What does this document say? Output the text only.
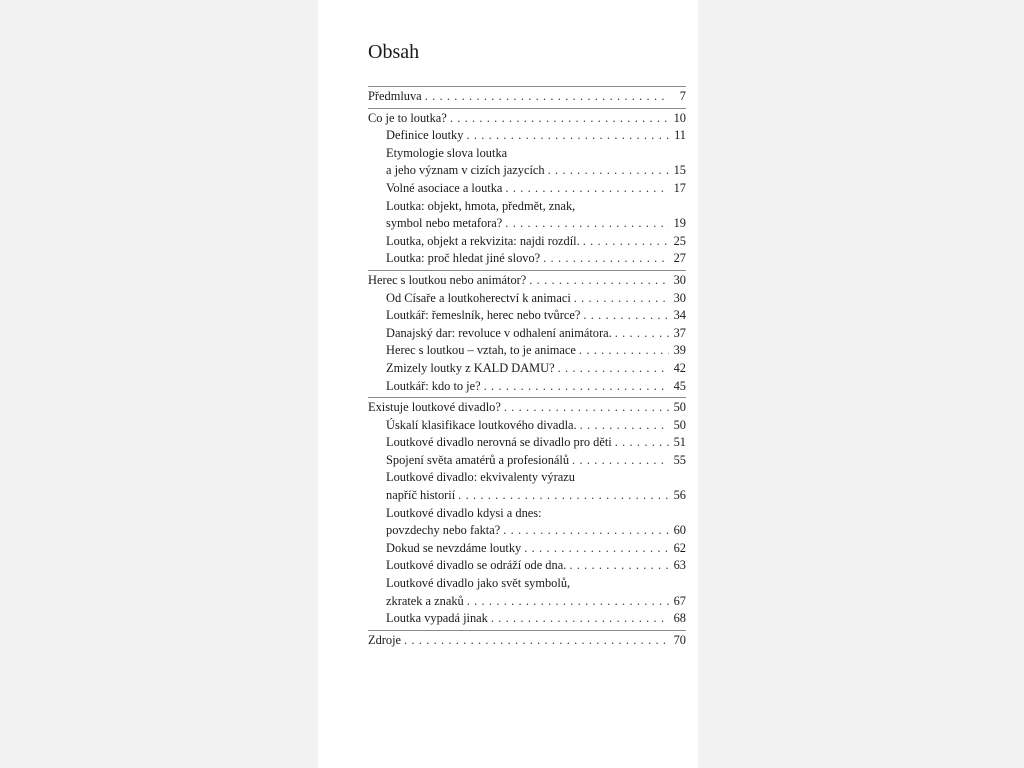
Obsah
Předmluva . . .	7
Co je to loutka? . . .	10
Definice loutky . . .	11
Etymologie slova loutka
a jeho význam v cizích jazycích . . .	15
Volné asociace a loutka . . .	17
Loutka: objekt, hmota, předmět, znak,
symbol nebo metafora? . . .	19
Loutka, objekt a rekvizita: najdi rozdíl. . . .	25
Loutka: proč hledat jiné slovo? . . .	27
Herec s loutkou nebo animátor? . . .	30
Od Císaře a loutkoherectví k animaci . . .	30
Loutkář: řemeslník, herec nebo tvůrce? . . .	34
Danajský dar: revoluce v odhalení animátora. . . .	37
Herec s loutkou – vztah, to je animace . . .	39
Zmizely loutky z KALD DAMU? . . .	42
Loutkář: kdo to je? . . .	45
Existuje loutkové divadlo? . . .	50
Úskalí klasifikace loutkového divadla. . . .	50
Loutkové divadlo nerovná se divadlo pro děti . . .	51
Spojení světa amatérů a profesionálů . . .	55
Loutkové divadlo: ekvivalenty výrazu
napříč historií . . .	56
Loutkové divadlo kdysi a dnes:
povzdechy nebo fakta? . . .	60
Dokud se nevzdáme loutky . . .	62
Loutkové divadlo se odráží ode dna. . . .	63
Loutkové divadlo jako svět symbolů,
zkratek a znaků . . .	67
Loutka vypadá jinak . . .	68
Zdroje . . .	70
